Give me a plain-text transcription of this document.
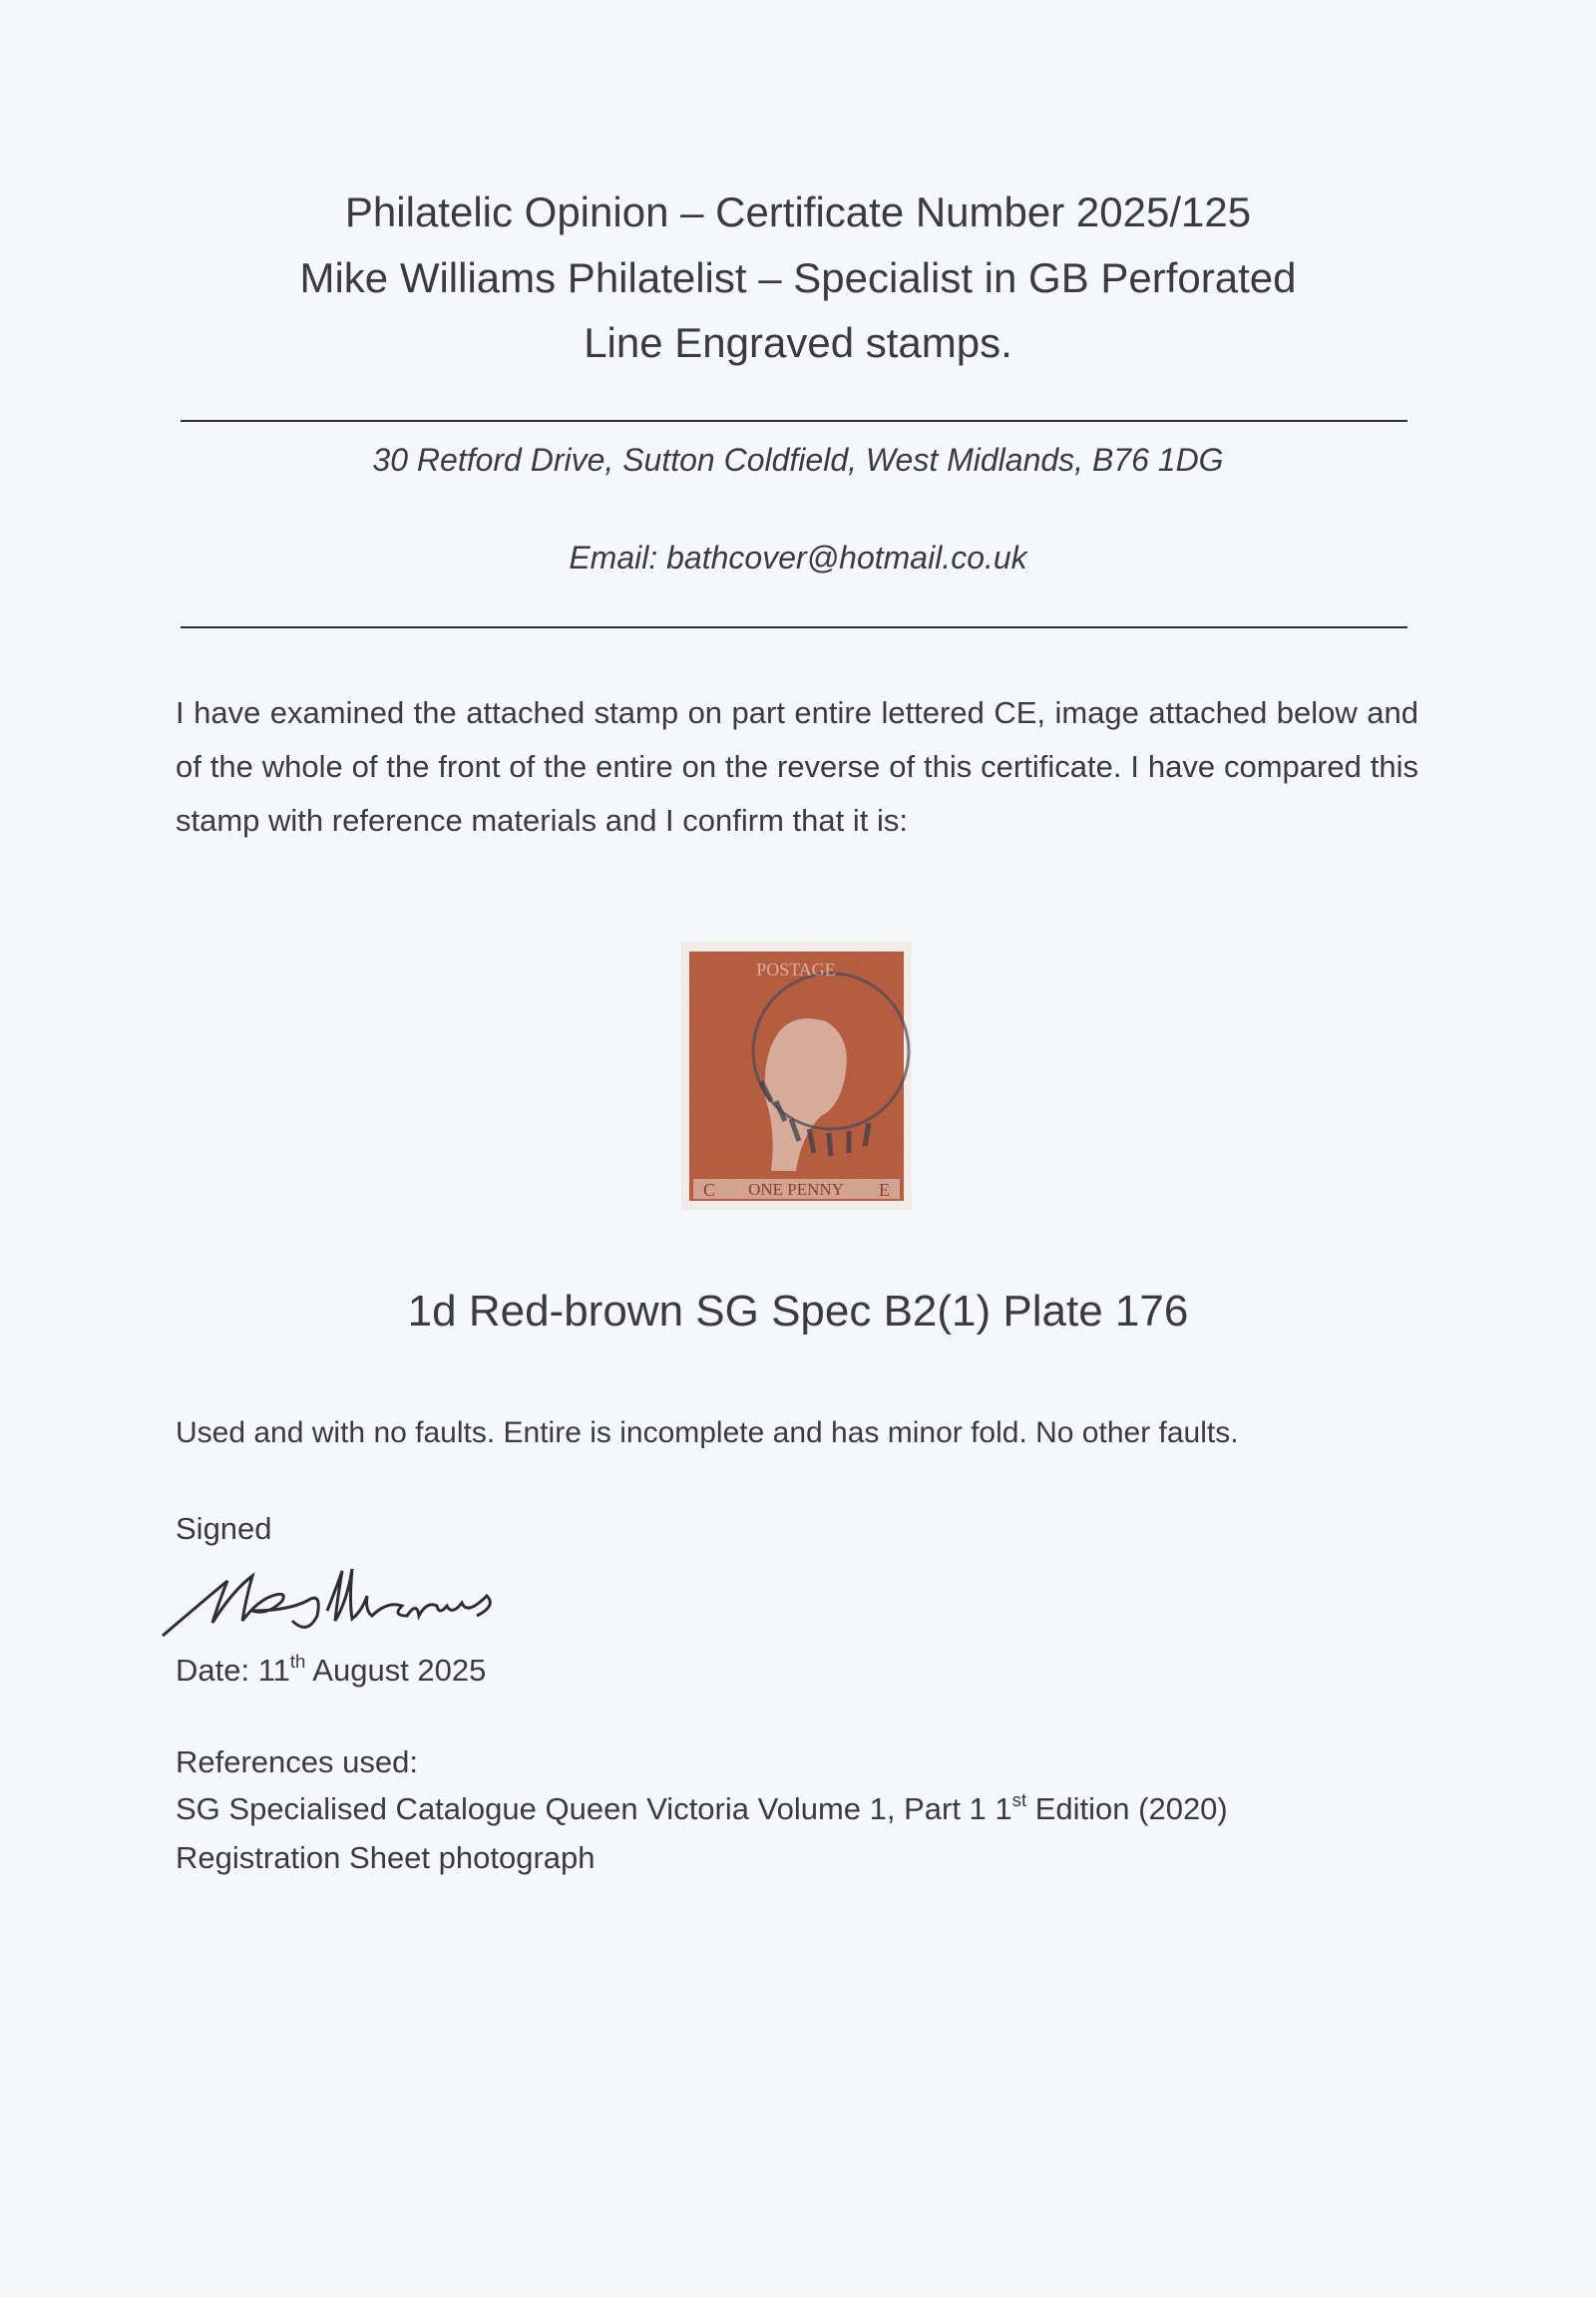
Philatelic Opinion – Certificate Number 2025/125
Mike Williams Philatelist – Specialist in GB Perforated
Line Engraved stamps.
30 Retford Drive, Sutton Coldfield, West Midlands, B76 1DG
Email: bathcover@hotmail.co.uk
I have examined the attached stamp on part entire lettered CE, image attached below and of the whole of the front of the entire on the reverse of this certificate. I have compared this stamp with reference materials and I confirm that it is:
POSTAGE
ONE PENNY
C	E
1d Red-brown SG Spec B2(1) Plate 176
Used and with no faults. Entire is incomplete and has minor fold. No other faults.
Signed
Date: 11th August 2025
References used:
SG Specialised Catalogue Queen Victoria Volume 1, Part 1 1st Edition (2020)
Registration Sheet photograph
